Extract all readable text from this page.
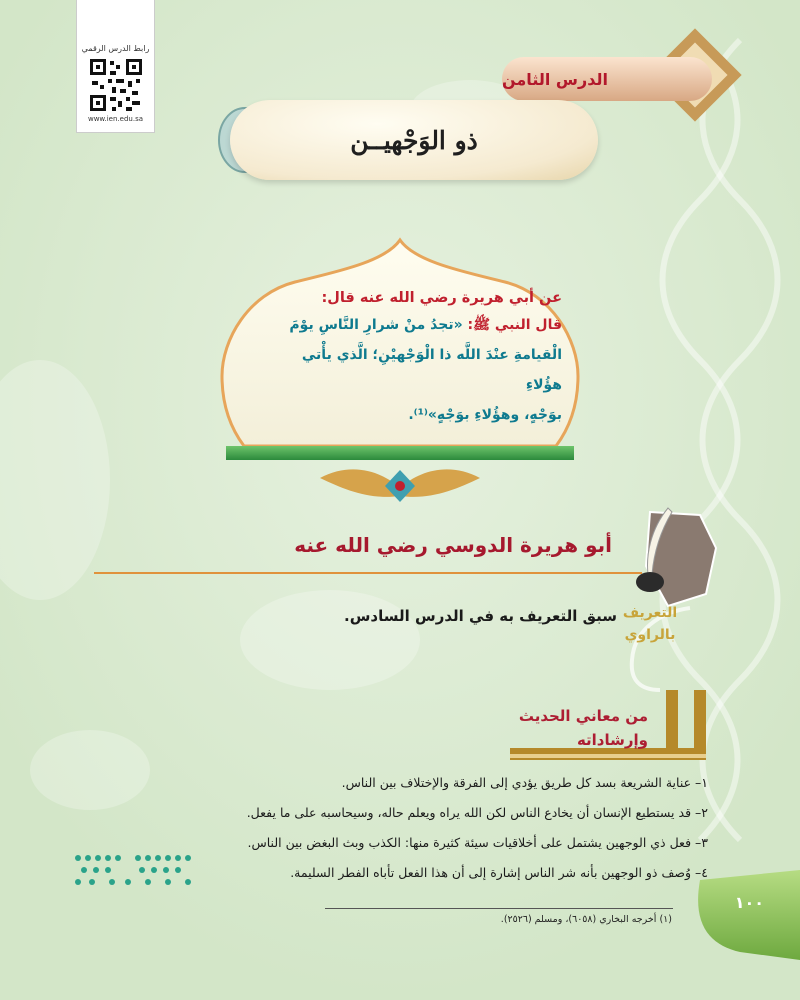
رابط الدرس الرقمي
www.ien.edu.sa
الدرس الثامن
ذو الوَجْهيــن
عن أبي هريرة رضي الله عنه قال:
قال النبي ﷺ: «تجدُ منْ شرارِ النَّاسِ يوْمَ
الْقيامةِ عنْدَ اللَّه ذا الْوَجْهيْنِ؛ الَّذي يأْتي هؤُلاءِ
بوَجْهٍ، وهؤُلاءِ بوَجْهٍ»⁽¹⁾.
أبو هريرة الدوسي رضي الله عنه
التعريف
بالراوي
سبق التعريف به في الدرس السادس.
من معاني الحديث
وإرشاداته
١– عناية الشريعة بسد كل طريق يؤدي إلى الفرقة والإختلاف بين الناس.
٢– قد يستطيع الإنسان أن يخادع الناس لكن الله يراه ويعلم حاله، وسيحاسبه على ما يفعل.
٣– فعل ذي الوجهين يشتمل على أخلاقيات سيئة كثيرة منها: الكذب وبث البغض بين الناس.
٤– وُصف ذو الوجهين بأنه شر الناس إشارة إلى أن هذا الفعل تأباه الفطر السليمة.
(١) أخرجه البخاري (٦٠٥٨)، ومسلم (٢٥٢٦).
١٠٠
